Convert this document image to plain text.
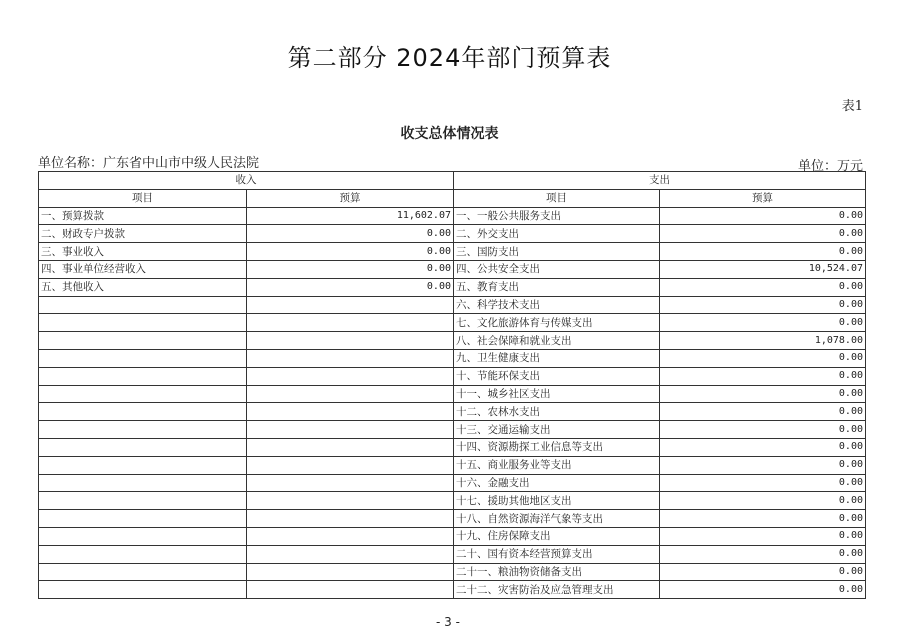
第二部分 2024年部门预算表
表1
收支总体情况表
单位名称：广东省中山市中级人民法院	单位：万元
收入		支出	
项目	预算	项目	预算
一、预算拨款	11,602.07	一、一般公共服务支出	0.00
二、财政专户拨款	0.00	二、外交支出	0.00
三、事业收入	0.00	三、国防支出	0.00
四、事业单位经营收入	0.00	四、公共安全支出	10,524.07
五、其他收入	0.00	五、教育支出	0.00
		六、科学技术支出	0.00
		七、文化旅游体育与传媒支出	0.00
		八、社会保障和就业支出	1,078.00
		九、卫生健康支出	0.00
		十、节能环保支出	0.00
		十一、城乡社区支出	0.00
		十二、农林水支出	0.00
		十三、交通运输支出	0.00
		十四、资源勘探工业信息等支出	0.00
		十五、商业服务业等支出	0.00
		十六、金融支出	0.00
		十七、援助其他地区支出	0.00
		十八、自然资源海洋气象等支出	0.00
		十九、住房保障支出	0.00
		二十、国有资本经营预算支出	0.00
		二十一、粮油物资储备支出	0.00
		二十二、灾害防治及应急管理支出	0.00
- 3 -
